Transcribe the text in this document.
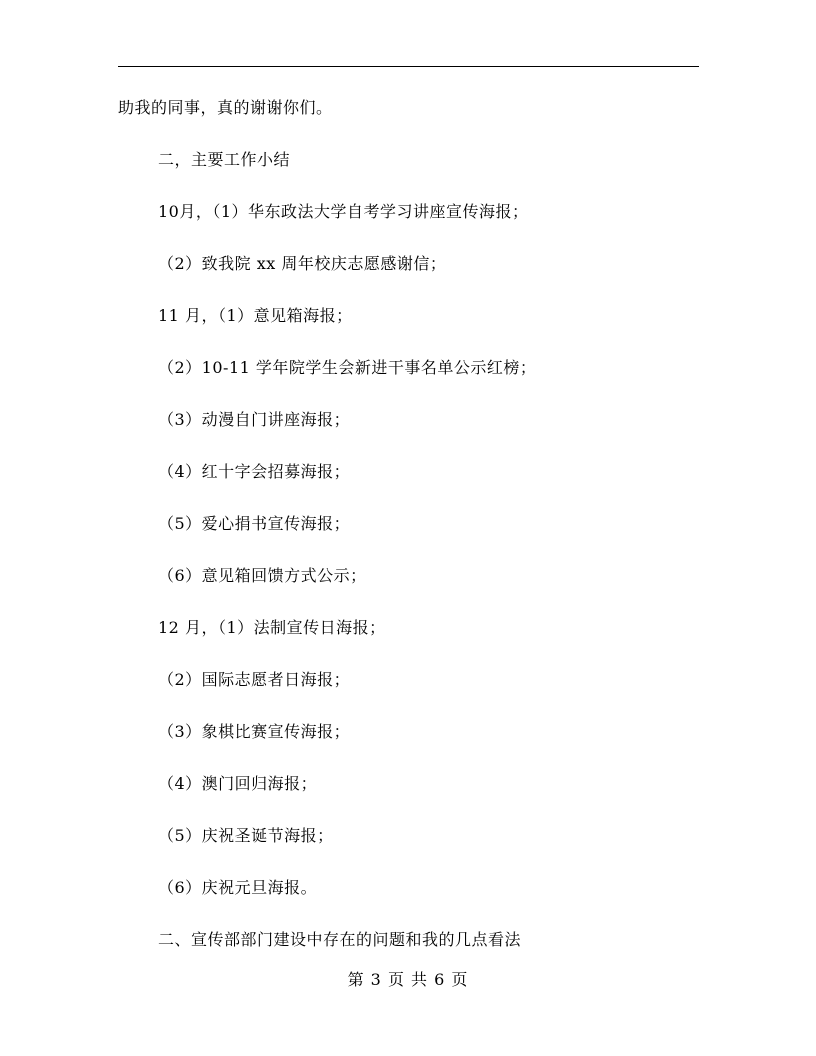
助我的同事，真的谢谢你们。
二，主要工作小结
10月，（1）华东政法大学自考学习讲座宣传海报；
（2）致我院 xx 周年校庆志愿感谢信；
11 月，（1）意见箱海报；
（2）10-11 学年院学生会新进干事名单公示红榜；
（3）动漫自门讲座海报；
（4）红十字会招募海报；
（5）爱心捐书宣传海报；
（6）意见箱回馈方式公示；
12 月，（1）法制宣传日海报；
（2）国际志愿者日海报；
（3）象棋比赛宣传海报；
（4）澳门回归海报；
（5）庆祝圣诞节海报；
（6）庆祝元旦海报。
二、宣传部部门建设中存在的问题和我的几点看法
第 3 页 共 6 页
